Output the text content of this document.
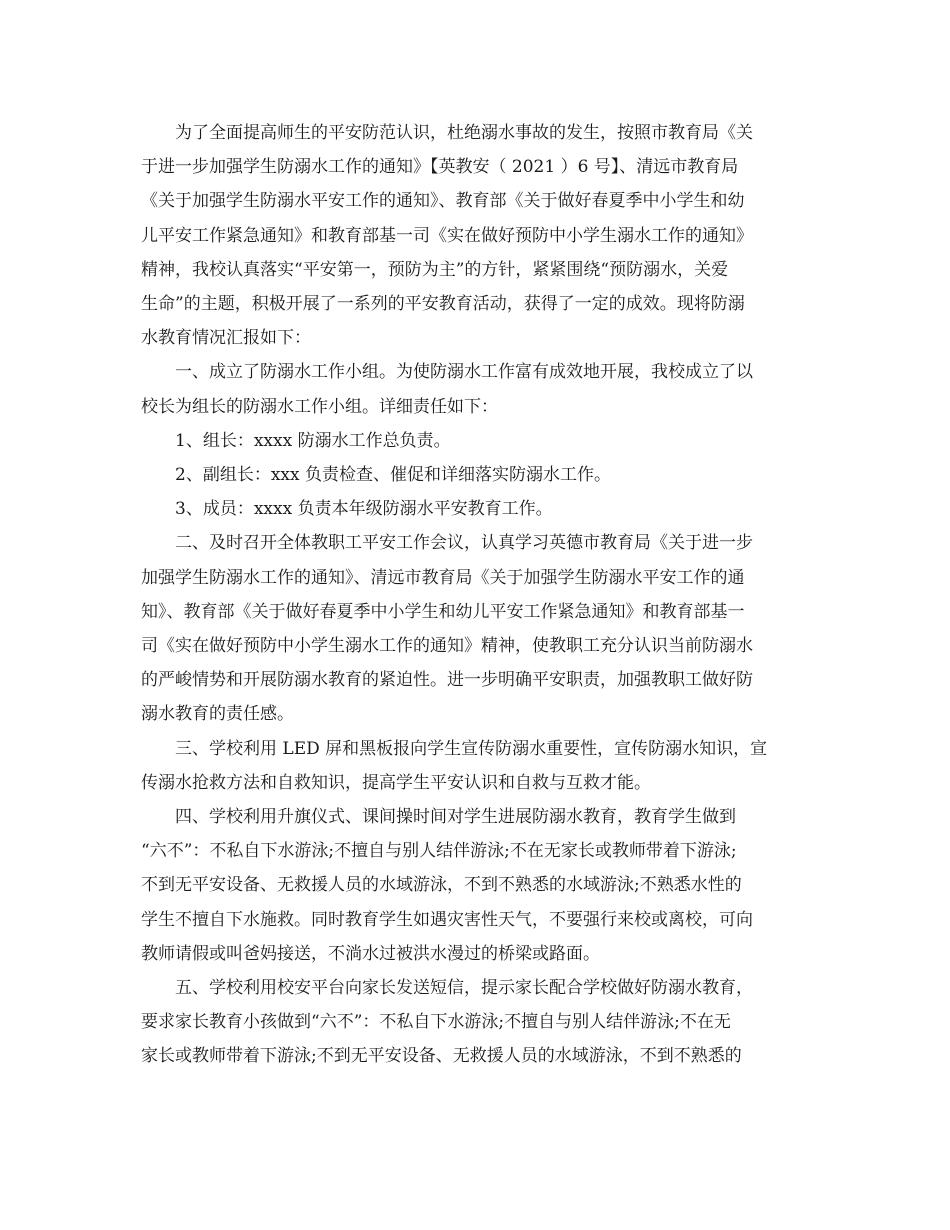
为了全面提高师生的平安防范认识，杜绝溺水事故的发生，按照市教育局《关
于进一步加强学生防溺水工作的通知》【英教安（ 2021 ）6 号】、清远市教育局
《关于加强学生防溺水平安工作的通知》、教育部《关于做好春夏季中小学生和幼
儿平安工作紧急通知》和教育部基一司《实在做好预防中小学生溺水工作的通知》
精神，我校认真落实“平安第一，预防为主”的方针，紧紧围绕“预防溺水，关爱
生命”的主题，积极开展了一系列的平安教育活动，获得了一定的成效。现将防溺
水教育情况汇报如下：
一、成立了防溺水工作小组。为使防溺水工作富有成效地开展，我校成立了以
校长为组长的防溺水工作小组。详细责任如下：
1、组长：xxxx 防溺水工作总负责。
2、副组长：xxx 负责检查、催促和详细落实防溺水工作。
3、成员：xxxx 负责本年级防溺水平安教育工作。
二、及时召开全体教职工平安工作会议，认真学习英德市教育局《关于进一步
加强学生防溺水工作的通知》、清远市教育局《关于加强学生防溺水平安工作的通
知》、教育部《关于做好春夏季中小学生和幼儿平安工作紧急通知》和教育部基一
司《实在做好预防中小学生溺水工作的通知》精神，使教职工充分认识当前防溺水
的严峻情势和开展防溺水教育的紧迫性。进一步明确平安职责，加强教职工做好防
溺水教育的责任感。
三、学校利用 LED 屏和黑板报向学生宣传防溺水重要性，宣传防溺水知识，宣
传溺水抢救方法和自救知识，提高学生平安认识和自救与互救才能。
四、学校利用升旗仪式、课间操时间对学生进展防溺水教育，教育学生做到
“六不”：不私自下水游泳;不擅自与别人结伴游泳;不在无家长或教师带着下游泳;
不到无平安设备、无救援人员的水域游泳，不到不熟悉的水域游泳;不熟悉水性的
学生不擅自下水施救。同时教育学生如遇灾害性天气，不要强行来校或离校，可向
教师请假或叫爸妈接送，不淌水过被洪水漫过的桥梁或路面。
五、学校利用校安平台向家长发送短信，提示家长配合学校做好防溺水教育，
要求家长教育小孩做到“六不”：不私自下水游泳;不擅自与别人结伴游泳;不在无
家长或教师带着下游泳;不到无平安设备、无救援人员的水域游泳，不到不熟悉的
